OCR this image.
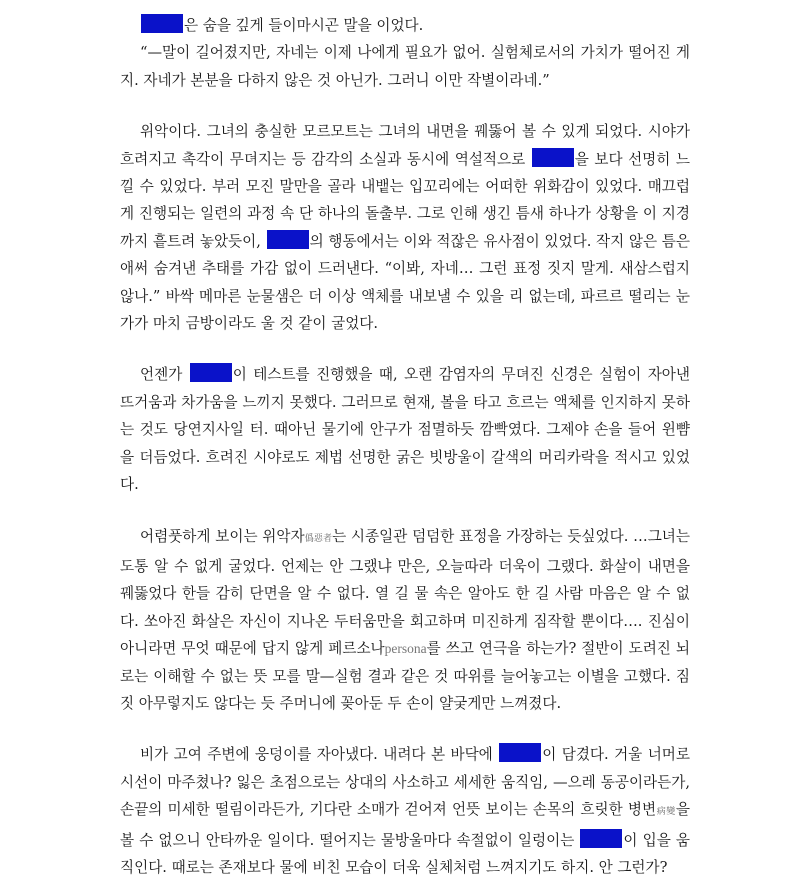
은 숨을 깊게 들이마시곤 말을 이었다.
“—말이 길어졌지만, 자네는 이제 나에게 필요가 없어. 실험체로서의 가치가 떨어진 게지. 자네가 본분을 다하지 않은 것 아닌가. 그러니 이만 작별이라네.”

위악이다. 그녀의 충실한 모르모트는 그녀의 내면을 꿰뚫어 볼 수 있게 되었다. 시야가 흐려지고 촉각이 무뎌지는 등 감각의 소실과 동시에 역설적으로	을 보다 선명히 느낄 수 있었다. 부러 모진 말만을 골라 내뱉는 입꼬리에는 어떠한 위화감이 있었다. 매끄럽게 진행되는 일련의 과정 속 단 하나의 돌출부. 그로 인해 생긴 틈새 하나가 상황을 이 지경까지 흩트려 놓았듯이,	의 행동에서는 이와 적잖은 유사점이 있었다. 작지 않은 틈은 애써 숨겨낸 추태를 가감 없이 드러낸다. “이봐, 자네… 그런 표정 짓지 말게. 새삼스럽지 않나.” 바싹 메마른 눈물샘은 더 이상 액체를 내보낼 수 있을 리 없는데, 파르르 떨리는 눈가가 마치 금방이라도 울 것 같이 굴었다.

언젠가	이 테스트를 진행했을 때, 오랜 감염자의 무뎌진 신경은 실험이 자아낸 뜨거움과 차가움을 느끼지 못했다. 그러므로 현재, 볼을 타고 흐르는 액체를 인지하지 못하는 것도 당연지사일 터. 때아닌 물기에 안구가 점멸하듯 깜빡였다. 그제야 손을 들어 윈뺨을 더듬었다. 흐려진 시야로도 제법 선명한 굵은 빗방울이 갈색의 머리카락을 적시고 있었다.

어렴풋하게 보이는 위악자僞惡者는 시종일관 덤덤한 표정을 가장하는 듯싶었다. …그녀는 도통 알 수 없게 굴었다. 언제는 안 그랬냐 만은, 오늘따라 더욱이 그랬다. 화살이 내면을 꿰뚫었다 한들 감히 단면을 알 수 없다. 열 길 물 속은 알아도 한 길 사람 마음은 알 수 없다. 쏘아진 화살은 자신이 지나온 두터움만을 회고하며 미진하게 짐작할 뿐이다…. 진심이 아니라면 무엇 때문에 답지 않게 페르소나persona를 쓰고 연극을 하는가? 절반이 도려진 뇌로는 이해할 수 없는 뜻 모를 말—실험 결과 같은 것 따위를 늘어놓고는 이별을 고했다. 짐짓 아무렇지도 않다는 듯 주머니에 꽂아둔 두 손이 얄궂게만 느껴졌다.

비가 고여 주변에 웅덩이를 자아냈다. 내려다 본 바닥에	이 담겼다. 거울 너머로 시선이 마주쳤나? 잃은 초점으로는 상대의 사소하고 세세한 움직임, —으레 동공이라든가, 손끝의 미세한 떨림이라든가, 기다란 소매가 걷어져 언뜻 보이는 손목의 흐릿한 병변病變을 볼 수 없으니 안타까운 일이다. 떨어지는 물방울마다 속절없이 일렁이는	이 입을 움직인다. 때로는 존재보다 물에 비친 모습이 더욱 실체처럼 느껴지기도 하지. 안 그런가?
